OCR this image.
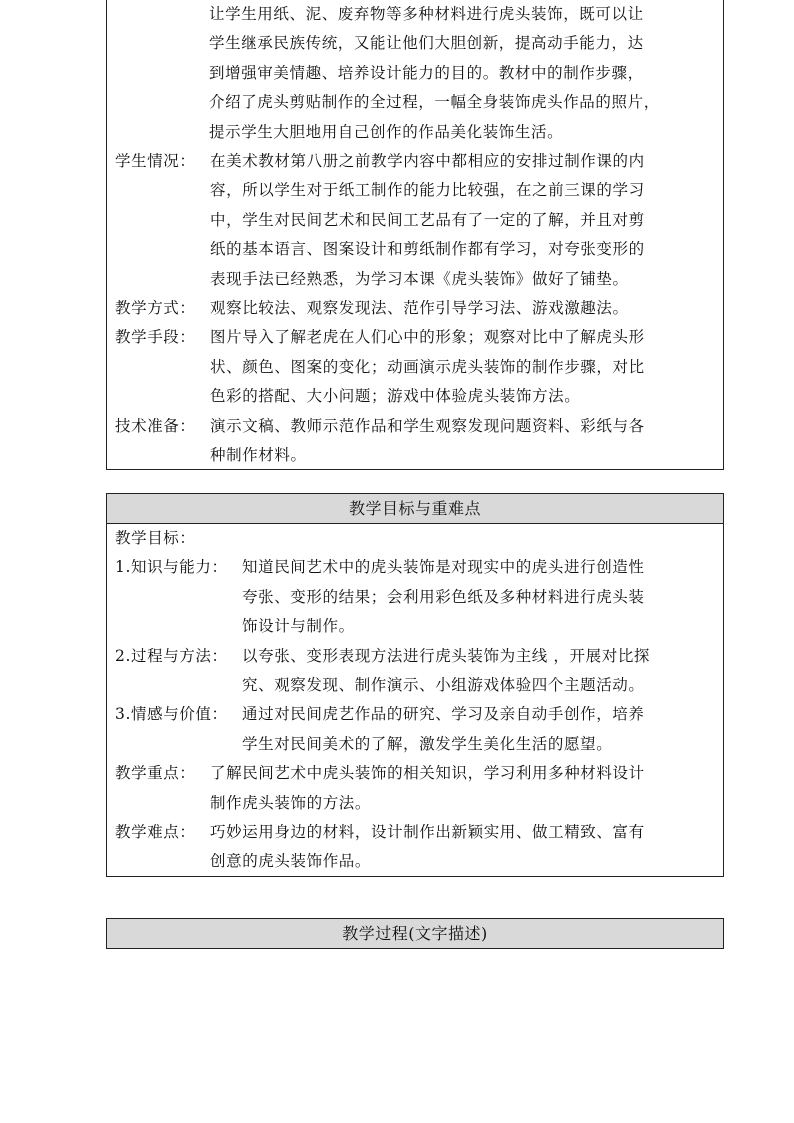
让学生用纸、泥、废弃物等多种材料进行虎头装饰，既可以让
学生继承民族传统，又能让他们大胆创新，提高动手能力，达
到增强审美情趣、培养设计能力的目的。教材中的制作步骤，
介绍了虎头剪贴制作的全过程，一幅全身装饰虎头作品的照片，
提示学生大胆地用自己创作的作品美化装饰生活。
学生情况： 在美术教材第八册之前教学内容中都相应的安排过制作课的内
容，所以学生对于纸工制作的能力比较强，在之前三课的学习
中，学生对民间艺术和民间工艺品有了一定的了解，并且对剪
纸的基本语言、图案设计和剪纸制作都有学习，对夸张变形的
表现手法已经熟悉，为学习本课《虎头装饰》做好了铺垫。
教学方式： 观察比较法、观察发现法、范作引导学习法、游戏激趣法。
教学手段： 图片导入了解老虎在人们心中的形象；观察对比中了解虎头形
状、颜色、图案的变化；动画演示虎头装饰的制作步骤，对比
色彩的搭配、大小问题；游戏中体验虎头装饰方法。
技术准备： 演示文稿、教师示范作品和学生观察发现问题资料、彩纸与各
种制作材料。
教学目标与重难点
教学目标：
1.知识与能力： 知道民间艺术中的虎头装饰是对现实中的虎头进行创造性
夸张、变形的结果；会利用彩色纸及多种材料进行虎头装
饰设计与制作。
2.过程与方法： 以夸张、变形表现方法进行虎头装饰为主线 ，开展对比探
究、观察发现、制作演示、小组游戏体验四个主题活动。
3.情感与价值： 通过对民间虎艺作品的研究、学习及亲自动手创作，培养
学生对民间美术的了解，激发学生美化生活的愿望。
教学重点： 了解民间艺术中虎头装饰的相关知识，学习利用多种材料设计
制作虎头装饰的方法。
教学难点： 巧妙运用身边的材料，设计制作出新颖实用、做工精致、富有
创意的虎头装饰作品。
教学过程(文字描述)
